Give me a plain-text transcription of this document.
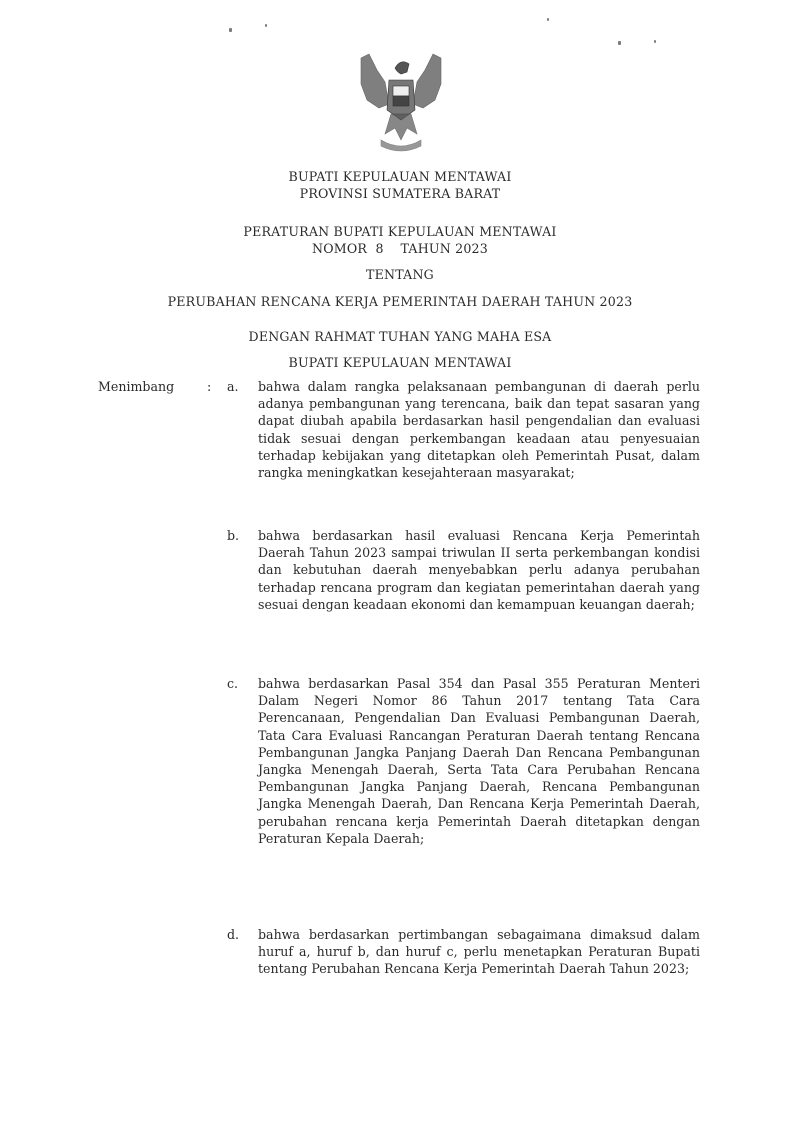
BUPATI KEPULAUAN MENTAWAI
PROVINSI SUMATERA BARAT
PERATURAN BUPATI KEPULAUAN MENTAWAI
NOMOR  8    TAHUN 2023
TENTANG
PERUBAHAN RENCANA KERJA PEMERINTAH DAERAH TAHUN 2023
DENGAN RAHMAT TUHAN YANG MAHA ESA
BUPATI KEPULAUAN MENTAWAI
Menimbang	: a. bahwa dalam rangka pelaksanaan pembangunan di daerah perlu adanya pembangunan yang terencana, baik dan tepat sasaran yang dapat diubah apabila berdasarkan hasil pengendalian dan evaluasi tidak sesuai dengan perkembangan keadaan atau penyesuaian terhadap kebijakan yang ditetapkan oleh Pemerintah Pusat, dalam rangka meningkatkan kesejahteraan masyarakat;
b. bahwa berdasarkan hasil evaluasi Rencana Kerja Pemerintah Daerah Tahun 2023 sampai triwulan II serta perkembangan kondisi dan kebutuhan daerah menyebabkan perlu adanya perubahan terhadap rencana program dan kegiatan pemerintahan daerah yang sesuai dengan keadaan ekonomi dan kemampuan keuangan daerah;
c. bahwa berdasarkan Pasal 354 dan Pasal 355 Peraturan Menteri Dalam Negeri Nomor 86 Tahun 2017 tentang Tata Cara Perencanaan, Pengendalian Dan Evaluasi Pembangunan Daerah, Tata Cara Evaluasi Rancangan Peraturan Daerah tentang Rencana Pembangunan Jangka Panjang Daerah Dan Rencana Pembangunan Jangka Menengah Daerah, Serta Tata Cara Perubahan Rencana Pembangunan Jangka Panjang Daerah, Rencana Pembangunan Jangka Menengah Daerah, Dan Rencana Kerja Pemerintah Daerah, perubahan rencana kerja Pemerintah Daerah ditetapkan dengan Peraturan Kepala Daerah;
d. bahwa berdasarkan pertimbangan sebagaimana dimaksud dalam huruf a, huruf b, dan huruf c, perlu menetapkan Peraturan Bupati tentang Perubahan Rencana Kerja Pemerintah Daerah Tahun 2023;
